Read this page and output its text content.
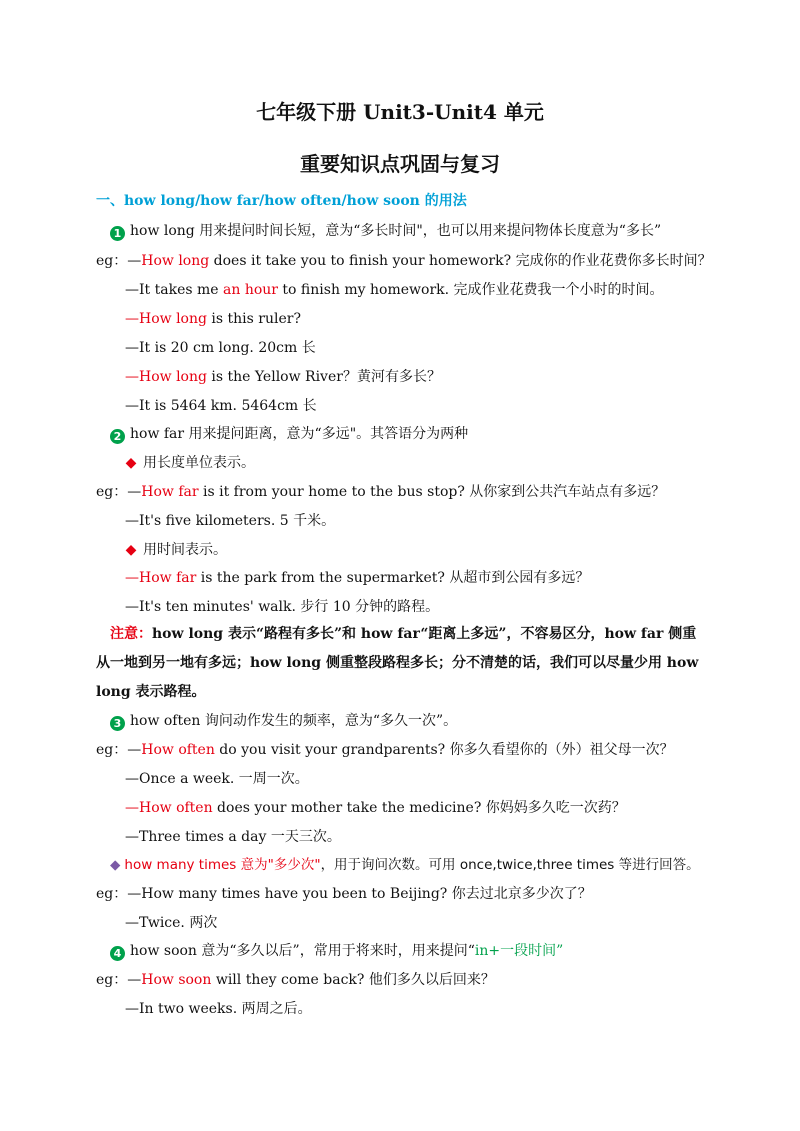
七年级下册 Unit3-Unit4 单元
重要知识点巩固与复习
一、how long/how far/how often/how soon 的用法
1 how long 用来提问时间长短，意为“多长时间"，也可以用来提问物体长度意为“多长”
eg：—How long does it take you to finish your homework? 完成你的作业花费你多长时间？
—It takes me an hour to finish my homework. 完成作业花费我一个小时的时间。
—How long is this ruler?
—It is 20 cm long. 20cm 长
—How long is the Yellow River？黄河有多长？
—It is 5464 km. 5464cm 长
2 how far 用来提问距离，意为“多远"。其答语分为两种
◆ 用长度单位表示。
eg：—How far is it from your home to the bus stop? 从你家到公共汽车站点有多远？
—It's five kilometers. 5 千米。
◆ 用时间表示。
—How far is the park from the supermarket? 从超市到公园有多远？
—It's ten minutes' walk. 步行 10 分钟的路程。
注意：how long 表示“路程有多长”和 how far“距离上多远”，不容易区分，how far 侧重从一地到另一地有多远；how long 侧重整段路程多长；分不清楚的话，我们可以尽量少用 how long 表示路程。
3 how often 询问动作发生的频率，意为“多久一次”。
eg：—How often do you visit your grandparents? 你多久看望你的（外）祖父母一次？
—Once a week. 一周一次。
—How often does your mother take the medicine? 你妈妈多久吃一次药？
—Three times a day 一天三次。
◆ how many times 意为"多少次"，用于询问次数。可用 once,twice,three times 等进行回答。
eg：—How many times have you been to Beijing? 你去过北京多少次了？
—Twice. 两次
4 how soon 意为“多久以后”，常用于将来时，用来提问“in+一段时间”
eg：—How soon will they come back? 他们多久以后回来？
—In two weeks. 两周之后。
